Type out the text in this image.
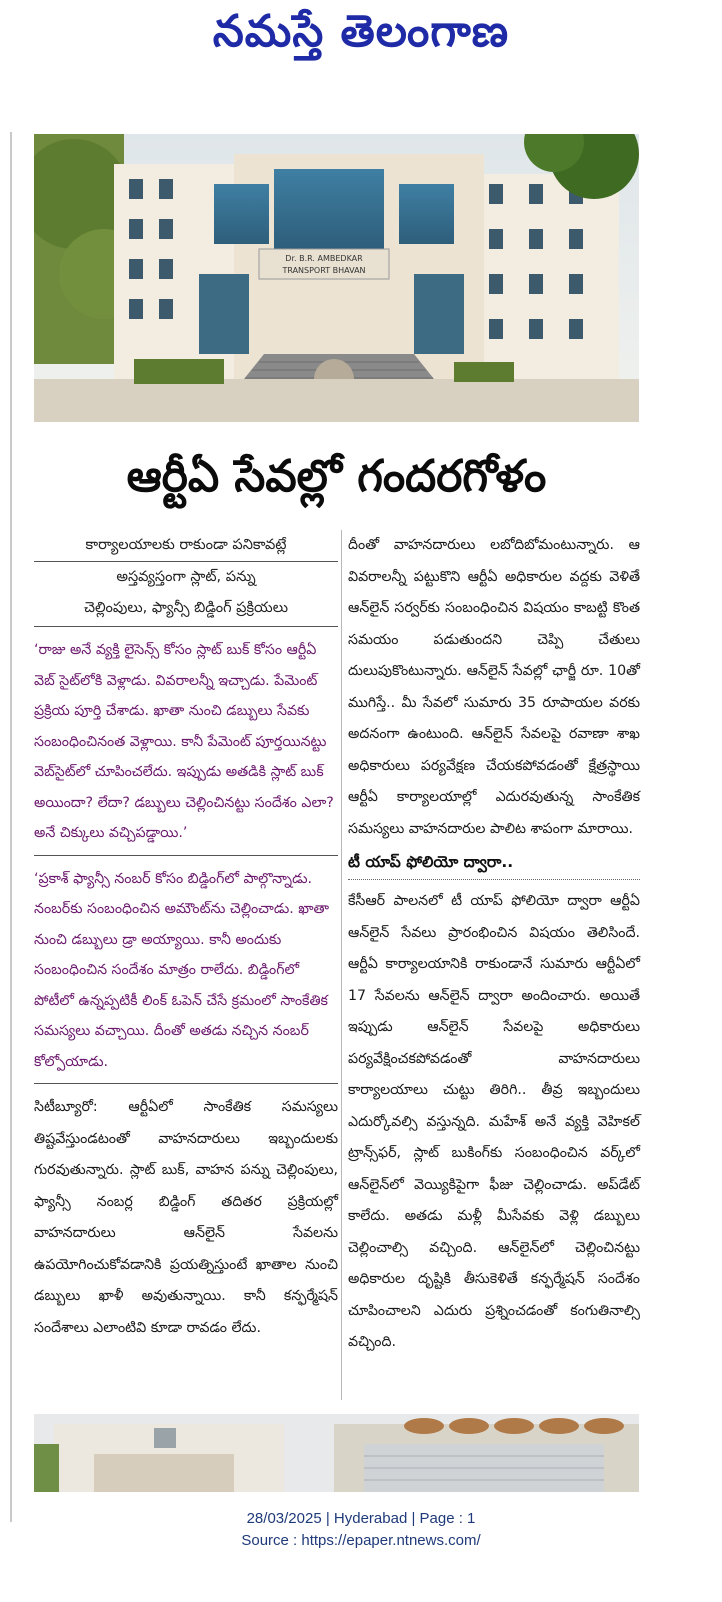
నమస్తే తెలంగాణ
Dr. B.R. AMBEDKAR
TRANSPORT BHAVAN
ఆర్టీఏ సేవల్లో గందరగోళం
కార్యాలయాలకు రాకుండా పనికావట్లే
అస్తవ్యస్తంగా స్లాట్, పన్ను
చెల్లింపులు, ఫ్యాన్సీ బిడ్డింగ్ ప్రక్రియలు
‘రాజు అనే వ్యక్తి లైసెన్స్ కోసం స్లాట్ బుక్ కోసం ఆర్టీఏ వెబ్ సైట్‌లోకి వెళ్లాడు. వివరాలన్నీ ఇచ్చాడు. పేమెంట్ ప్రక్రియ పూర్తి చేశాడు. ఖాతా నుంచి డబ్బులు సేవకు సంబంధించినంత వెళ్లాయి. కానీ పేమెంట్ పూర్తయినట్టు వెబ్‌సైట్‌లో చూపించలేదు. ఇప్పుడు అతడికి స్లాట్ బుక్ అయిందా? లేదా? డబ్బులు చెల్లించినట్టు సందేశం ఎలా? అనే చిక్కులు వచ్చిపడ్డాయి.’
‘ప్రకాశ్ ఫ్యాన్సీ నంబర్ కోసం బిడ్డింగ్‌లో పాల్గొన్నాడు. నంబర్‌కు సంబంధించిన అమౌంట్‌ను చెల్లించాడు. ఖాతా నుంచి డబ్బులు డ్రా అయ్యాయి. కానీ అందుకు సంబంధించిన సందేశం మాత్రం రాలేదు. బిడ్డింగ్‌లో పోటీలో ఉన్నప్పటికీ లింక్ ఓపెన్ చేసే క్రమంలో సాంకేతిక సమస్యలు వచ్చాయి. దీంతో అతడు నచ్చిన నంబర్ కోల్పోయాడు.

సిటీబ్యూరో: ఆర్టీఏలో సాంకేతిక సమస్యలు తిష్టవేస్తుండటంతో వాహనదారులు ఇబ్బందులకు గురవుతున్నారు. స్లాట్ బుక్, వాహన పన్ను చెల్లింపులు, ఫ్యాన్సీ నంబర్ల బిడ్డింగ్ తదితర ప్రక్రియల్లో వాహనదారులు ఆన్‌లైన్ సేవలను ఉపయోగించుకోవడానికి ప్రయత్నిస్తుంటే ఖాతాల నుంచి డబ్బులు ఖాళీ అవుతున్నాయి. కానీ కన్ఫర్మేషన్ సందేశాలు ఎలాంటివి కూడా రావడం లేదు.

దీంతో వాహనదారులు లబోదిబోమంటున్నారు. ఆ వివరాలన్నీ పట్టుకొని ఆర్టీఏ అధికారుల వద్దకు వెళితే ఆన్‌లైన్ సర్వర్‌కు సంబంధించిన విషయం కాబట్టి కొంత సమయం పడుతుందని చెప్పి చేతులు దులుపుకొంటున్నారు. ఆన్‌లైన్ సేవల్లో ఛార్జీ రూ. 10తో ముగిస్తే.. మీ సేవలో సుమారు 35 రూపాయల వరకు అదనంగా ఉంటుంది. ఆన్‌లైన్ సేవలపై రవాణా శాఖ అధికారులు పర్యవేక్షణ చేయకపోవడంతో క్షేత్రస్థాయి ఆర్టీఏ కార్యాలయాల్లో ఎదురవుతున్న సాంకేతిక సమస్యలు వాహనదారుల పాలిట శాపంగా మారాయి.

టీ యాప్ ఫోలియో ద్వారా..

కేసీఆర్ పాలనలో టీ యాప్ ఫోలియో ద్వారా ఆర్టీఏ ఆన్‌లైన్ సేవలు ప్రారంభించిన విషయం తెలిసిందే. ఆర్టీఏ కార్యాలయానికి రాకుండానే సుమారు ఆర్టీఏలో 17 సేవలను ఆన్‌లైన్ ద్వారా అందించారు. అయితే ఇప్పుడు ఆన్‌లైన్ సేవలపై అధికారులు పర్యవేక్షించకపోవడంతో వాహనదారులు కార్యాలయాలు చుట్టు తిరిగి.. తీవ్ర ఇబ్బందులు ఎదుర్కోవల్సి వస్తున్నది. మహేశ్ అనే వ్యక్తి వెహికల్ ట్రాన్స్‌ఫర్, స్లాట్ బుకింగ్‌కు సంబంధించిన వర్క్‌లో ఆన్‌లైన్‌లో వెయ్యికిపైగా ఫీజు చెల్లించాడు. అప్‌డేట్ కాలేదు. అతడు మళ్లీ మీసేవకు వెళ్లి డబ్బులు చెల్లించాల్సి వచ్చింది. ఆన్‌లైన్‌లో చెల్లించినట్టు అధికారుల దృష్టికి తీసుకెళితే కన్ఫర్మేషన్ సందేశం చూపించాలని ఎదురు ప్రశ్నించడంతో కంగుతినాల్సి వచ్చింది.

28/03/2025 | Hyderabad | Page : 1
Source : https://epaper.ntnews.com/
